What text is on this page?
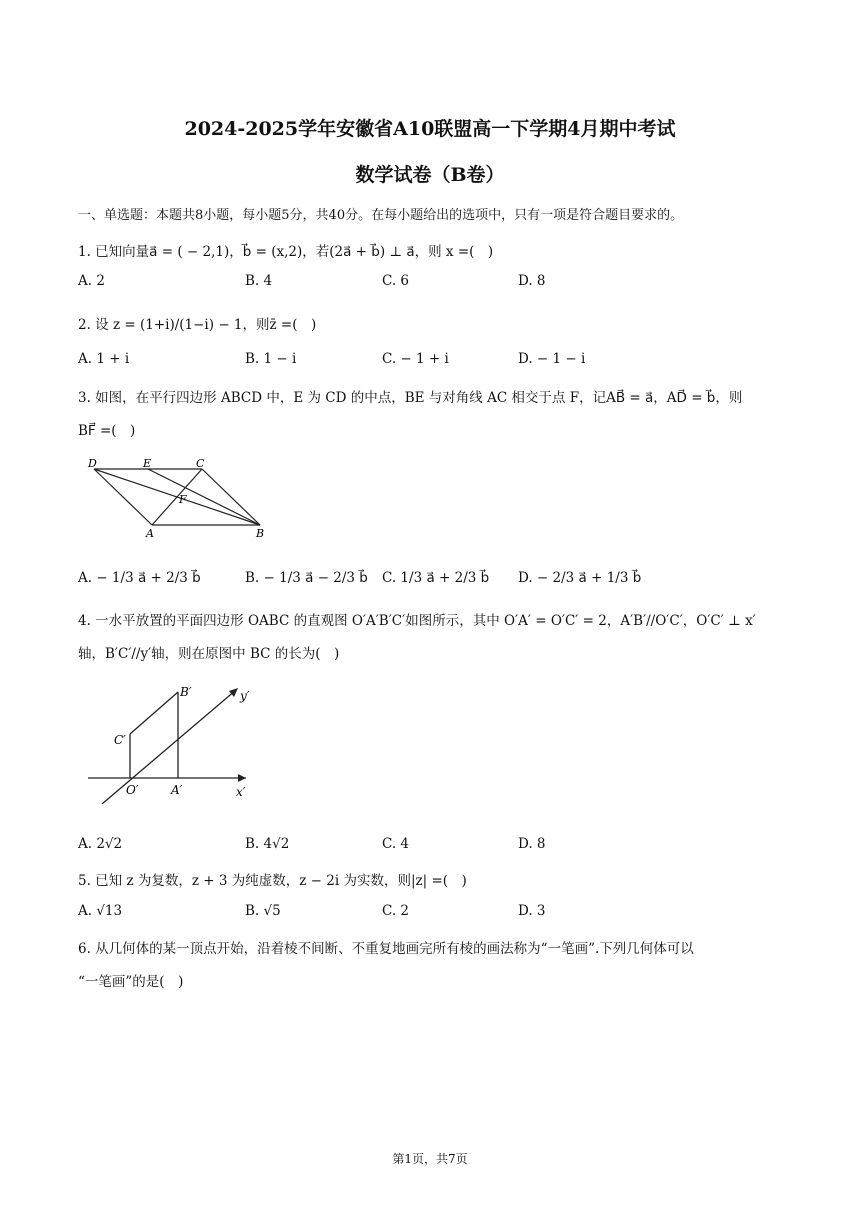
2024-2025学年安徽省A10联盟高一下学期4月期中考试
数学试卷（B卷）
一、单选题：本题共8小题，每小题5分，共40分。在每小题给出的选项中，只有一项是符合题目要求的。
1. 已知向量a⃗ = ( − 2,1)，b⃗ = (x,2)，若(2a⃗ + b⃗) ⊥ a⃗，则 x =(　)
A. 2	B. 4	C. 6	D. 8
2. 设 z = (1+i)/(1−i) − 1，则z̄ =(　)
A. 1 + i	B. 1 − i	C. − 1 + i	D. − 1 − i
3. 如图，在平行四边形 ABCD 中，E 为 CD 的中点，BE 与对角线 AC 相交于点 F，记AB⃗ = a⃗，AD⃗ = b⃗，则
BF⃗ =(　)
D	E	C
F
A	B
A. − 1/3 a⃗ + 2/3 b⃗	B. − 1/3 a⃗ − 2/3 b⃗ C. 1/3 a⃗ + 2/3 b⃗ D. − 2/3 a⃗ + 1/3 b⃗
4. 一水平放置的平面四边形 OABC 的直观图 O′A′B′C′如图所示，其中 O′A′ = O′C′ = 2，A′B′//O′C′，O′C′ ⊥ x′
轴，B′C′//y′轴，则在原图中 BC 的长为(　)
B′
C′
O′	A′	x′
y′
A. 2√2	B. 4√2	C. 4	D. 8
5. 已知 z 为复数，z + 3 为纯虚数，z − 2i 为实数，则|z| =(　)
A. √13	B. √5	C. 2	D. 3
6. 从几何体的某一顶点开始，沿着棱不间断、不重复地画完所有棱的画法称为“一笔画”.下列几何体可以
“一笔画”的是(　)
第1页，共7页
